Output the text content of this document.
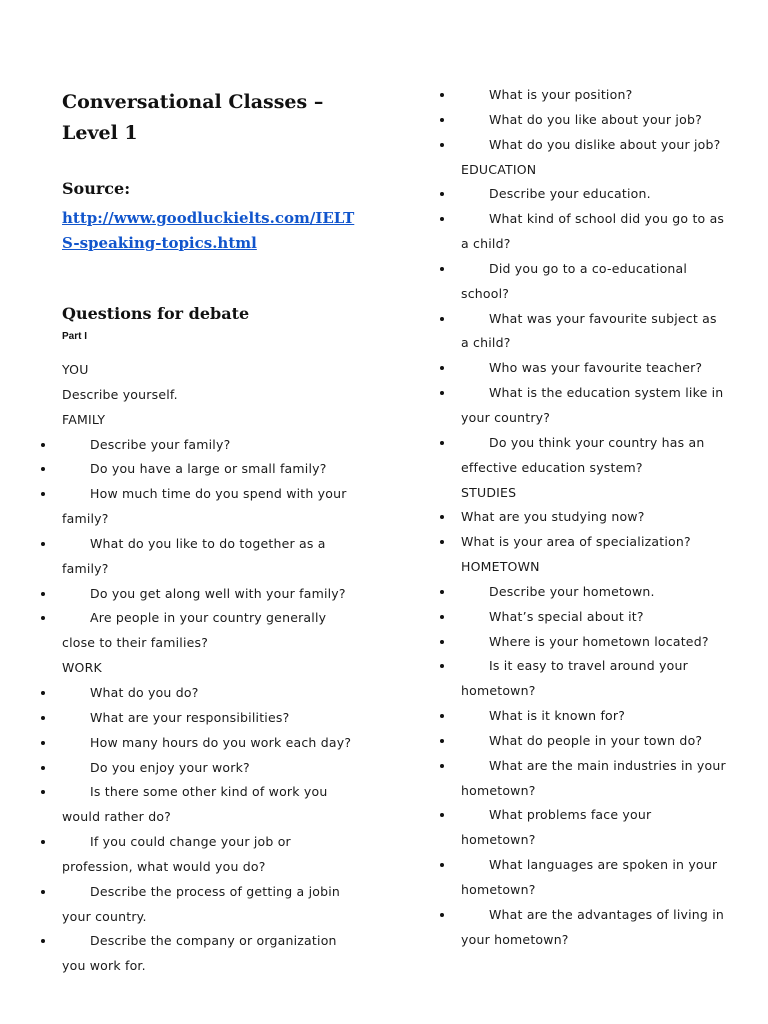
Conversational Classes – Level 1
Source:
http://www.goodluckielts.com/IELTS-speaking-topics.html
Questions for debate
Part I
YOU
Describe yourself.
FAMILY
Describe your family?
Do you have a large or small family?
How much time do you spend with your family?
What do you like to do together as a family?
Do you get along well with your family?
Are people in your country generally close to their families?
WORK
What do you do?
What are your responsibilities?
How many hours do you work each day?
Do you enjoy your work?
Is there some other kind of work you would rather do?
If you could change your job or profession, what would you do?
Describe the process of getting a jobin your country.
Describe the company or organization you work for.
What is your position?
What do you like about your job?
What do you dislike about your job?
EDUCATION
Describe your education.
What kind of school did you go to as a child?
Did you go to a co-educational school?
What was your favourite subject as a child?
Who was your favourite teacher?
What is the education system like in your country?
Do you think your country has an effective education system?
STUDIES
What are you studying now?
What is your area of specialization?
HOMETOWN
Describe your hometown.
What’s special about it?
Where is your hometown located?
Is it easy to travel around your hometown?
What is it known for?
What do people in your town do?
What are the main industries in your hometown?
What problems face your hometown?
What languages are spoken in your hometown?
What are the advantages of living in your hometown?
